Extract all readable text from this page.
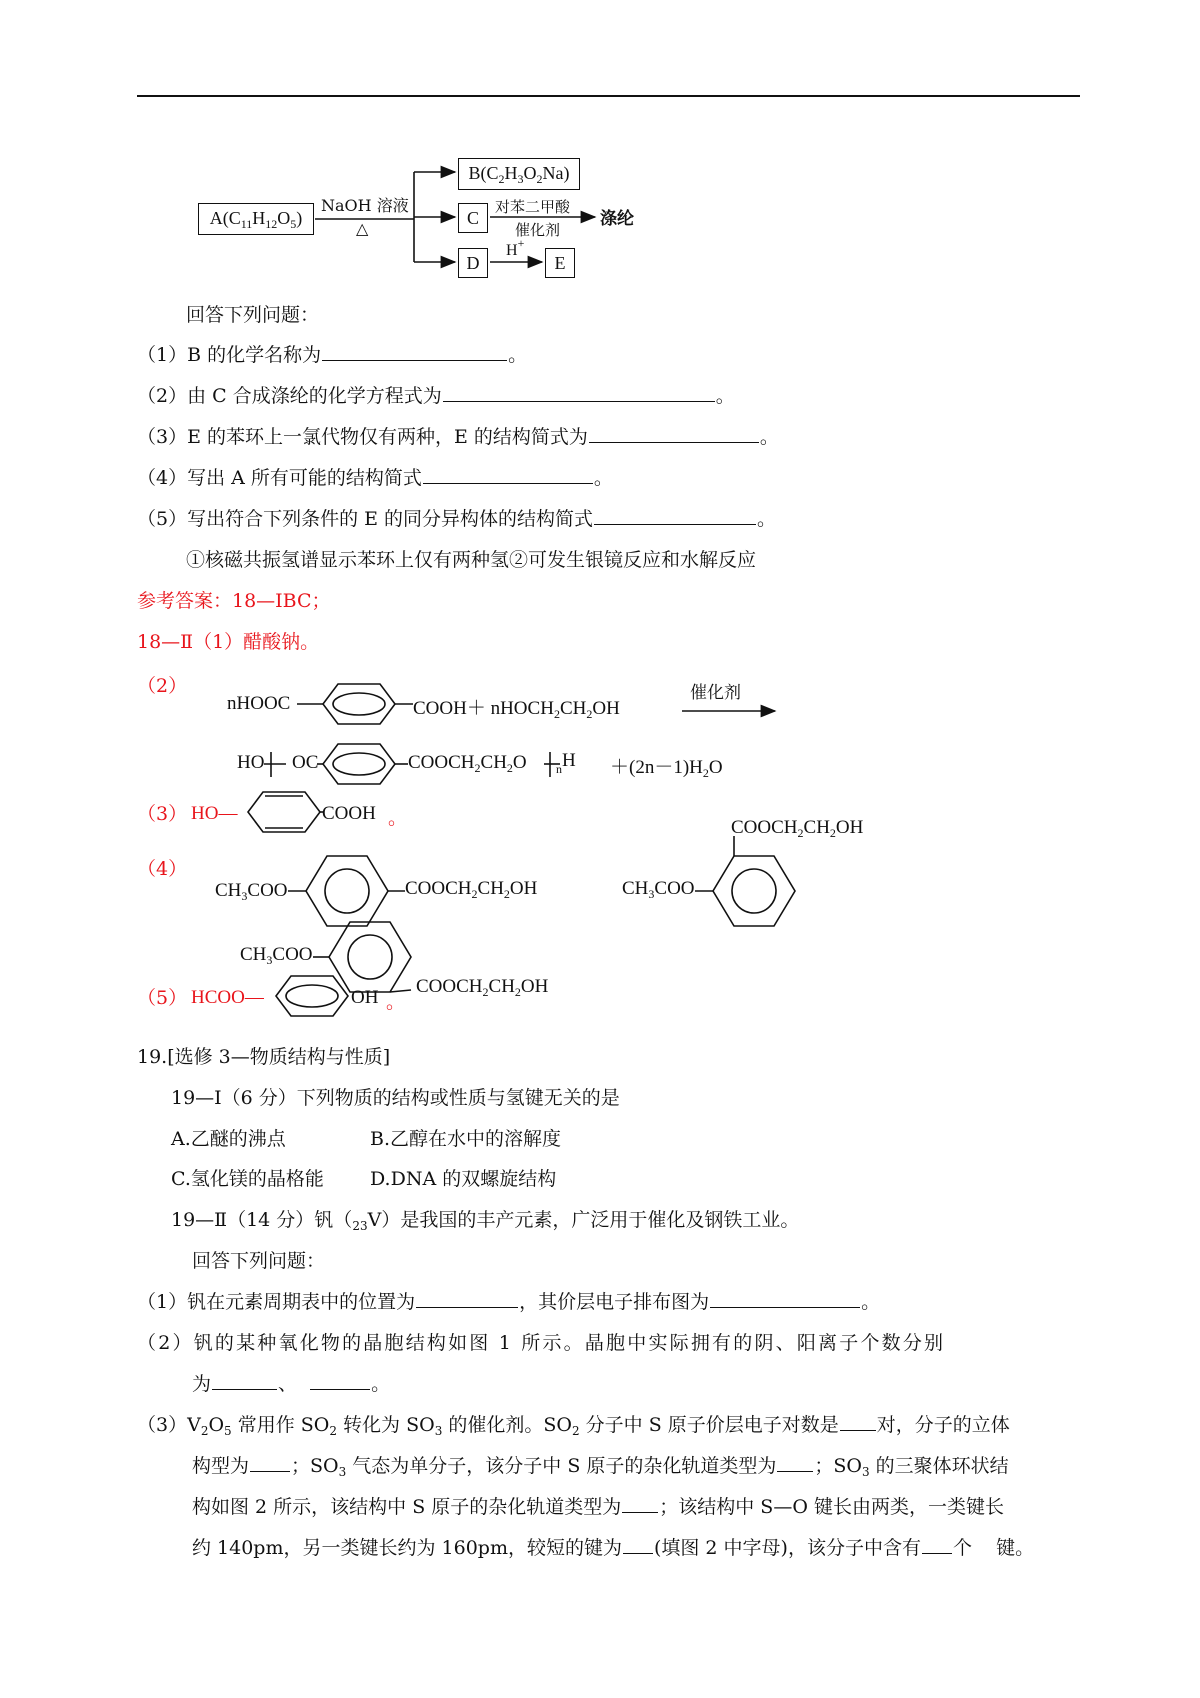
$A(C_{11}H_{12}O_5)$
$B(C_2H_3O_2Na)$
C
D	E
NaOH 溶液
△
对苯二甲酸
催化剂
涤纶
H+
回答下列问题：
（1）B 的化学名称为	。
（2）由 C 合成涤纶的化学方程式为	。
（3）E 的苯环上一氯代物仅有两种，E 的结构简式为	。
（4）写出 A 所有可能的结构简式	。
（5）写出符合下列条件的 E 的同分异构体的结构简式	。
①核磁共振氢谱显示苯环上仅有两种氢②可发生银镜反应和水解反应
参考答案：18—ⅠBC；
18—Ⅱ（1）醋酸钠。
（2）
nHOOC	COOH＋ $nHOCH_2CH_2OH$
催化剂
HO OC	$COOCH_2CH_2O$ n $H +(2n-1)H_2O$
（3） HO—	COOH 。
（4）
$CH_3COO$	$COOCH_2CH_2OH$
$COOCH_2CH_2OH$
$CH_3COO$
$CH_3COO$
$COOCH_2CH_2OH$
（5） HCOO—	OH 。
19.[选修 3—物质结构与性质]
19—Ⅰ（6 分）下列物质的结构或性质与氢键无关的是
A.乙醚的沸点	B.乙醇在水中的溶解度
C.氢化镁的晶格能 D.DNA 的双螺旋结构
19—Ⅱ（14 分）钒$(_{23}V)$是我国的丰产元素，广泛用于催化及钢铁工业。
回答下列问题：
（1）钒在元素周期表中的位置为	，其价层电子排布图为	。
（2）钒的某种氧化物的晶胞结构如图 1 所示。晶胞中实际拥有的阴、阳离子个数分别
为	、	。
$(3)V_2O_5$ 常用作 $SO_2$ 转化为 $SO_3$ 的催化剂。$SO_2$ 分子中 S 原子价层电子对数是 对，分子的立体
构型为 ；$SO_3$ 气态为单分子，该分子中 S 原子的杂化轨道类型为 ；$SO_3$ 的三聚体环状结
构如图 2 所示，该结构中 S 原子的杂化轨道类型为 ；该结构中 S—O 键长由两类，一类键长
约 140pm，另一类键长约为 160pm，较短的键为 (填图 2 中字母)，该分子中含有 个 键。
